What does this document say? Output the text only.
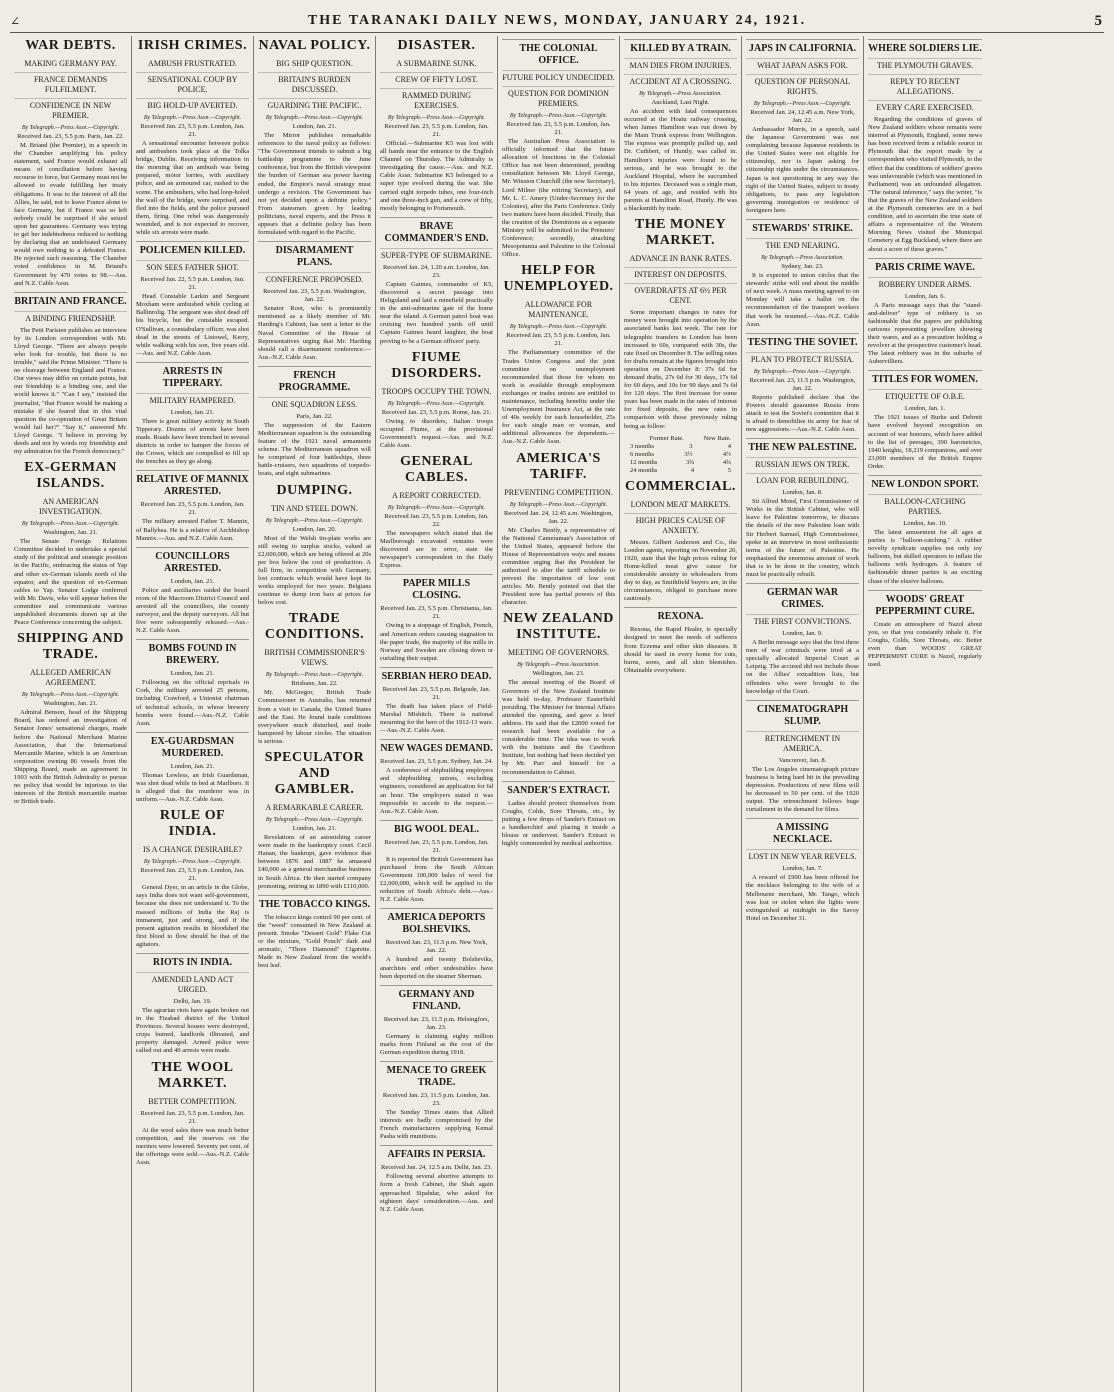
∠	THE TARANAKI DAILY NEWS, MONDAY, JANUARY 24, 1921.	5
WAR DEBTS.
MAKING GERMANY PAY.
FRANCE DEMANDS FULFILMENT.
CONFIDENCE IN NEW PREMIER.
By Telegraph.—Press Assn.—Copyright.
Received Jan. 23, 5.5 p.m. Paris, Jan. 22.

M. Briand (the Premier), in a speech in the Chamber amplifying his policy statement, said France would exhaust all means of conciliation before having recourse to force, but Germany must not be allowed to evade fulfilling her treaty obligations. It was to the interest of all the Allies, he said, not to leave France alone to face Germany, but if France was so left nobody could be surprised if she seized upon her guarantees. Germany was trying to get her indebtedness reduced to nothing by declaring that an undefeated Germany would owe nothing to a defeated France. He rejected such reasoning. The Chamber voted confidence in M. Briand's Government by 470 votes to 98.—Aus. and N.Z. Cable Assn.

BRITAIN AND FRANCE.
A BINDING FRIENDSHIP.

The Petit Parisien publishes an interview by its London correspondent with Mr. Lloyd George. "There are always people who look for trouble, but there is no trouble," said the Prime Minister. "There is no cleavage between England and France. Our views may differ on certain points, but our friendship is a binding one, and the world knows it." "Can I say," insisted the journalist, "that France would be making a mistake if she feared that in this vital question the co-operation of Great Britain would fail her?" "Say it," answered Mr. Lloyd George. "I believe in proving by deeds and not by words my friendship and my admiration for the French democracy."

EX-GERMAN ISLANDS.
AN AMERICAN INVESTIGATION.
By Telegraph.—Press Assn.—Copyright.
Washington, Jan. 21.

The Senate Foreign Relations Committee decided to undertake a special study of the political and strategic position in the Pacific, embracing the status of Yap and other ex-German islands north of the equator, and the question of ex-German cables to Yap. Senator Lodge conferred with Mr. Davis, who will appear before the committee and communicate various unpublished documents drawn up at the Peace Conference concerning the subject.

SHIPPING AND TRADE.
ALLEGED AMERICAN AGREEMENT.
By Telegraph.—Press Assn.—Copyright.
Washington, Jan. 21.

Admiral Benson, head of the Shipping Board, has ordered an investigation of Senator Jones' sensational charges, made before the National Merchant Marine Association, that the International Mercantile Marine, which is an American corporation owning 86 vessels from the Shipping Board, made an agreement in 1903 with the British Admiralty to pursue no policy that would be injurious to the interests of the British mercantile marine or British trade.

IRISH CRIMES.
AMBUSH FRUSTRATED.
SENSATIONAL COUP BY POLICE.
BIG HOLD-UP AVERTED.
By Telegraph.—Press Assn.—Copyright.
Received Jan. 23, 5.5 p.m. London, Jan. 21.

A sensational encounter between police and ambushers took place at the Tolka bridge, Dublin. Receiving information in the morning that an ambush was being prepared, motor lorries, with auxiliary police, and an armoured car, rushed to the scene. The ambushers, who had loop-holed the wall of the bridge, were surprised, and fled into the fields, and the police pursued them, firing. One rebel was dangerously wounded, and is not expected to recover, while six arrests were made.

POLICEMEN KILLED.
SON SEES FATHER SHOT.
Received Jan. 22, 5.5 p.m. London, Jan. 21.

Head Constable Larkin and Sergeant Moxham were ambushed while cycling at Ballinrolig. The sergeant was shot dead off his bicycle, but the constable escaped. O'Sullivan, a constabulary officer, was shot dead in the streets of Listowel, Kerry, while walking with his son, five years old.—Aus. and N.Z. Cable Assn.

ARRESTS IN TIPPERARY.
MILITARY HAMPERED.
London, Jan. 21.

There is great military activity in South Tipperary. Dozens of arrests have been made. Roads have been trenched in several districts in order to hamper the forces of the Crown, which are compelled to fill up the trenches as they go along.

RELATIVE OF MANNIX ARRESTED.
Received Jan. 23, 5.5 p.m. London, Jan. 21.

The military arrested Father T. Mannix, of Ballyhea. He is a relative of Archbishop Mannix.—Aus. and N.Z. Cable Assn.

COUNCILLORS ARRESTED.
London, Jan. 21.

Police and auxiliaries raided the board room of the Macroom District Council and arrested all the councillors, the county surveyor, and the deputy surveyors. All but five were subsequently released.—Aus.-N.Z. Cable Assn.

BOMBS FOUND IN BREWERY.
London, Jan. 21.

Following on the official reprisals in Cork, the military arrested 25 persons, including Crawford, a Unionist chairman of technical schools, in whose brewery bombs were found.—Aus.-N.Z. Cable Assn.

EX-GUARDSMAN MURDERED.
London, Jan. 21.

Thomas Lewless, an Irish Guardsman, was shot dead while in bed at Marlboro. It is alleged that the murderer was in uniform.—Aus.-N.Z. Cable Assn.

RULE OF INDIA.
IS A CHANGE DESIRABLE?
By Telegraph.—Press Assn.—Copyright.
Received Jan. 23, 5.5 p.m. London, Jan. 21.

General Dyer, in an article in the Globe, says India does not want self-government, because she does not understand it. To the massed millions of India the Raj is immanent, just and strong, and if the present agitation results in bloodshed the first blood to flow should be that of the agitators.

RIOTS IN INDIA.
AMENDED LAND ACT URGED.
Delhi, Jan. 19.

The agrarian riots have again broken out in the Fizabad district of the United Provinces. Several houses were destroyed, crops burned, landlords illtreated, and property damaged. Armed police were called out and 40 arrests were made.

THE WOOL MARKET.
BETTER COMPETITION.
Received Jan. 23, 5.5 p.m. London, Jan. 21.

At the wool sales there was much better competition, and the reserves on the merinos were lowered. Seventy per cent. of the offerings were sold.—Aus.-N.Z. Cable Assn.

NAVAL POLICY.
BIG SHIP QUESTION.
BRITAIN'S BURDEN DISCUSSED.
GUARDING THE PACIFIC.
By Telegraph.—Press Assn.—Copyright.
London, Jan. 21.

The Mirror publishes remarkable references to the naval policy as follows: "The Government intends to submit a big battleship programme to the June conference, but from the British viewpoint the burden of German sea power having ended, the Empire's naval strategy must undergo a revision. The Government has not yet decided upon a definite policy." From statesmen given by leading politicians, naval experts, and the Press it appears that a definite policy has been formulated with regard to the Pacific.

DISARMAMENT PLANS.
CONFERENCE PROPOSED.
Received Jan. 23, 5.5 p.m. Washington, Jan. 22.

Senator Root, who is prominently mentioned as a likely member of Mr. Harding's Cabinet, has sent a letter to the Naval Committee of the House of Representatives urging that Mr. Harding should call a disarmament conference.—Aus.-N.Z. Cable Assn.

FRENCH PROGRAMME.
ONE SQUADRON LESS.
Paris, Jan. 22.

The suppression of the Eastern Mediterranean squadron is the outstanding feature of the 1921 naval armaments scheme. The Mediterranean squadron will be comprised of four battleships, three battle-cruisers, two squadrons of torpedo-boats, and eight submarines.

DUMPING.
TIN AND STEEL DOWN.
By Telegraph.—Press Assn.—Copyright.
London, Jan. 20.

Most of the Welsh tin-plate works are still owing to surplus stocks, valued at £2,000,000, which are being offered at 20s per box below the cost of production. A full firm, in competition with Germany, lost contracts which would have kept its works employed for two years. Belgians continue to dump iron bars at prices far below cost.

TRADE CONDITIONS.
BRITISH COMMISSIONER'S VIEWS.
By Telegraph.—Press Assn.—Copyright.
Brisbane, Jan. 22.

Mr. McGregor, British Trade Commissioner in Australia, has returned from a visit to Canada, the United States and the East. He found trade conditions everywhere much disturbed, and trade hampered by labour circles. The situation is serious.

SPECULATOR AND GAMBLER.
A REMARKABLE CAREER.
By Telegraph.—Press Assn.—Copyright.
London, Jan. 21.

Revelations of an astonishing career were made in the bankruptcy court. Cecil Hanan, the bankrupt, gave evidence that between 1876 and 1887 he amassed £40,000 as a general merchandise business in South Africa. He then started company promoting, retiring in 1890 with £110,000.

THE TOBACCO KINGS.

The tobacco kings control 90 per cent. of the "weed" consumed in New Zealand at present. Smoke "Dessert Gold" Flake Cut or the mixture, "Gold Pouch" dark and aromatic, "Three Diamond" Cigarette. Made in New Zealand from the world's best leaf.

DISASTER.
A SUBMARINE SUNK.
CREW OF FIFTY LOST.
RAMMED DURING EXERCISES.
By Telegraph.—Press Assn.—Copyright.
Received Jan. 23, 5.5 p.m. London, Jan. 21.

Official.—Submarine K5 was lost with all hands near the entrance to the English Channel on Thursday. The Admiralty is investigating the cause.—Aus. and N.Z. Cable Assn. Submarine K5 belonged to a super type evolved during the war. She carried eight torpedo tubes, one four-inch and one three-inch gun, and a crew of fifty, mostly belonging to Portsmouth.

BRAVE COMMANDER'S END.
SUPER-TYPE OF SUBMARINE.
Received Jan. 24, 1.20 a.m. London, Jan. 23.

Captain Gaimes, commander of K5, discovered a secret passage into Heligoland and laid a minefield practically in the anti-submarine gate of the home near the island. A German patrol boat was cruising two hundred yards off until Captain Gaimes heard laughter, the boat proving to be a German officers' party.

FIUME DISORDERS.
TROOPS OCCUPY THE TOWN.
By Telegraph.—Press Assn.—Copyright.
Received Jan. 23, 5.5 p.m. Rome, Jan. 21.

Owing to disorders, Italian troops occupied Fiume, at the provisional Government's request.—Aus. and N.Z. Cable Assn.

GENERAL CABLES.
A REPORT CORRECTED.
By Telegraph.—Press Assn.—Copyright.
Received Jan. 23, 5.5 p.m. London, Jan. 22.

The newspapers which stated that the Marlborough excavated remains were discovered are in error, state the newspaper's correspondent in the Daily Express.

PAPER MILLS CLOSING.
Received Jan. 23, 5.5 p.m. Christiania, Jan. 21.

Owing to a stoppage of English, French, and American orders causing stagnation in the paper trade, the majority of the mills in Norway and Sweden are closing down or curtailing their output.

SERBIAN HERO DEAD.
Received Jan. 23, 5.5 p.m. Belgrade, Jan. 21.

The death has taken place of Field-Marshal Mishitch. There is national mourning for the hero of the 1912-13 wars.—Aus.-N.Z. Cable Assn.

NEW WAGES DEMAND.
Received Jan. 23, 5.5 p.m. Sydney, Jan. 24.

A conference of shipbuilding employers and shipbuilding unions, excluding engineers, considered an application for 6d an hour. The employers stated it was impossible to accede to the request.—Aus.-N.Z. Cable Assn.

BIG WOOL DEAL.
Received Jan. 23, 5.5 p.m. London, Jan. 21.

It is reported the British Government has purchased from the South African Government 100,000 bales of wool for £2,000,000, which will be applied to the reduction of South Africa's debt.—Aus.-N.Z. Cable Assn.

AMERICA DEPORTS BOLSHEVIKS.
Received Jan. 23, 11.5 p.m. New York, Jan. 22.

A hundred and twenty Bolsheviks, anarchists and other undesirables have been deported on the steamer Sherman.

GERMANY AND FINLAND.
Received Jan. 23, 11.5 p.m. Helsingfors, Jan. 23.

Germany is claiming eighty million marks from Finland as the cost of the German expedition during 1918.

MENACE TO GREEK TRADE.
Received Jan. 23, 11.5 p.m. London, Jan. 23.

The Sunday Times states that Allied interests are badly compromised by the French manufacturers supplying Kemal Pasha with munitions.

AFFAIRS IN PERSIA.
Received Jan. 24, 12.5 a.m. Delhi, Jan. 23.

Following several abortive attempts to form a fresh Cabinet, the Shah again approached Sipahdar, who asked for eighteen days' consideration.—Aus. and N.Z. Cable Assn.

THE COLONIAL OFFICE.
FUTURE POLICY UNDECIDED.
QUESTION FOR DOMINION PREMIERS.
By Telegraph.—Press Assn.—Copyright.
Received Jan. 23, 5.5 p.m. London, Jan. 21.

The Australian Press Association is officially informed that the future allocation of functions in the Colonial Office has not been determined, pending consultation between Mr. Lloyd George, Mr. Winston Churchill (the new Secretary), Lord Milner (the retiring Secretary), and Mr. L. C. Amery (Under-Secretary for the Colonies), after the Paris Conference. Only two matters have been decided. Firstly, that the creation of the Dominions as a separate Ministry will be submitted to the Premiers' Conference; secondly, attaching Mesopotamia and Palestine to the Colonial Office.

HELP FOR UNEMPLOYED.
ALLOWANCE FOR MAINTENANCE.
By Telegraph.—Press Assn.—Copyright.
Received Jan. 23, 5.5 p.m. London, Jan. 21.

The Parliamentary committee of the Trades Union Congress and the joint committee on unemployment recommended that those for whom no work is available through employment exchanges or trades unions are entitled to maintenance, including benefits under the Unemployment Insurance Act, at the rate of 40s weekly for each householder, 25s for each single man or woman, and additional allowances for dependents.—Aus.-N.Z. Cable Assn.

AMERICA'S TARIFF.
PREVENTING COMPETITION.
By Telegraph.—Press Assn.—Copyright.
Received Jan. 24, 12.45 a.m. Washington, Jan. 22.

Mr. Charles Bently, a representative of the National Cameraman's Association of the United States, appeared before the House of Representatives ways and means committee urging that the President be authorised to alter the tariff schedule to prevent the importation of low cost articles. Mr. Bently pointed out that the President now has partial powers of this character.

NEW ZEALAND INSTITUTE.
MEETING OF GOVERNORS.
By Telegraph.—Press Association.
Wellington, Jan. 23.

The annual meeting of the Board of Governors of the New Zealand Institute was held to-day, Professor Easterfield presiding. The Minister for Internal Affairs attended the opening, and gave a brief address. He said that the £2000 voted for research had been available for a considerable time. The idea was to work with the Institute and the Cawthron Institute, but nothing had been decided yet by Mr. Parr and himself for a recommendation to Cabinet.

SANDER'S EXTRACT.

Ladies should protect themselves from Coughs, Colds, Sore Throats, etc., by putting a few drops of Sander's Extract on a handkerchief and placing it inside a blouse or undervest. Sander's Extract is highly commended by medical authorities.

KILLED BY A TRAIN.
MAN DIES FROM INJURIES.
ACCIDENT AT A CROSSING.
By Telegraph.—Press Association.
Auckland, Last Night.

An accident with fatal consequences occurred at the Hoatu railway crossing, when James Hamilton was run down by the Main Trunk express from Wellington. The express was promptly pulled up, and Dr. Cuthbert, of Huntly, was called in. Hamilton's injuries were found to be serious, and he was brought to the Auckland Hospital, where he succumbed to his injuries. Deceased was a single man, 64 years of age, and resided with his parents at Hamilton Road, Huntly. He was a blacksmith by trade.

THE MONEY MARKET.
ADVANCE IN BANK RATES.
INTEREST ON DEPOSITS.
OVERDRAFTS AT 6½ PER CENT.

Some important changes in rates for money were brought into operation by the associated banks last week. The rate for telegraphic transfers to London has been increased to 60s, compared with 30s, the rate fixed on December 8. The selling rates for drafts remain at the figures brought into operation on December 8: 37s 6d for demand drafts, 27s 6d for 30 days, 17s 6d for 60 days, and 10s for 90 days and 7s 6d for 120 days. The first increase for some years has been made in the rates of interest for fixed deposits, the new rates in comparison with those previously ruling being as follow:

Former Rate.	New Rate.
3 months	3	4
6 months	3½	4½
12 months	3¾	4¾
24 months	4	5
COMMERCIAL.
LONDON MEAT MARKETS.
HIGH PRICES CAUSE OF ANXIETY.

Messrs. Gilbert Anderson and Co., the London agents, reporting on November 20, 1920, state that the high prices ruling for Home-killed meat give cause for considerable anxiety to wholesalers from day to day, as Smithfield buyers are, in the circumstances, obliged to purchase more cautiously.

REXONA.

Rexona, the Rapid Healer, is specially designed to meet the needs of sufferers from Eczema and other skin diseases. It should be used in every home for cuts, burns, sores, and all skin blemishes. Obtainable everywhere.

JAPS IN CALIFORNIA.
WHAT JAPAN ASKS FOR.
QUESTION OF PERSONAL RIGHTS.
By Telegraph.—Press Assn.—Copyright.
Received Jan. 24, 12.45 a.m. New York, Jan. 22.

Ambassador Morris, in a speech, said the Japanese Government was not complaining because Japanese residents in the United States were not eligible for citizenship, nor is Japan asking for citizenship rights under the circumstances. Japan is not questioning in any way the right of the United States, subject to treaty obligations, to pass any legislation governing immigration or residence of foreigners here.

STEWARDS' STRIKE.
THE END NEARING.
By Telegraph.—Press Association.
Sydney, Jan. 23.

It is expected to union circles that the stewards' strike will end about the middle of next week. A mass meeting agreed to on Monday will take a ballot on the recommendation of the transport workers that work be resumed.—Aus.-N.Z. Cable Assn.

TESTING THE SOVIET.
PLAN TO PROTECT RUSSIA.
By Telegraph.—Press Assn.—Copyright.
Received Jan. 23, 11.5 p.m. Washington, Jan. 22.

Reports published declare that the Powers should guarantee Russia from attack to test the Soviet's contention that it is afraid to demobilise its army for fear of new aggressions.—Aus.-N.Z. Cable Assn.

THE NEW PALESTINE.
RUSSIAN JEWS ON TREK.
LOAN FOR REBUILDING.
London, Jan. 8.

Sir Alfred Mond, First Commissioner of Works in the British Cabinet, who will leave for Palestine tomorrow, to discuss the details of the new Palestine loan with Sir Herbert Samuel, High Commissioner, spoke in an interview in most enthusiastic terms of the future of Palestine. He emphasised the enormous amount of work that is to be done in the country, which must be practically rebuilt.

GERMAN WAR CRIMES.
THE FIRST CONVICTIONS.
London, Jan. 9.

A Berlin message says that the first three men of war criminals were tried at a specially allocated Imperial Court at Leipzig. The accused did not include those on the Allies' extradition lists, but offenders who were brought to the knowledge of the Court.

CINEMATOGRAPH SLUMP.
RETRENCHMENT IN AMERICA.
Vancouver, Jan. 8.

The Los Angeles cinematograph picture business is being hard hit in the prevailing depression. Productions of new films will be decreased to 50 per cent. of the 1920 output. The retrenchment follows huge curtailment in the demand for films.

A MISSING NECKLACE.
LOST IN NEW YEAR REVELS.
London, Jan. 7.

A reward of £900 has been offered for the necklace belonging to the wife of a Melbourne merchant, Mr. Tango, which was lost or stolen when the lights were extinguished at midnight in the Savoy Hotel on December 31.

WHERE SOLDIERS LIE.
THE PLYMOUTH GRAVES.
REPLY TO RECENT ALLEGATIONS.
EVERY CARE EXERCISED.

Regarding the conditions of graves of New Zealand soldiers whose remains were interred at Plymouth, England, some news has been received from a reliable source in Plymouth that the report made by a correspondent who visited Plymouth, to the effect that the conditions of soldiers' graves was unfavourable (which was mentioned in Parliament) was an unfounded allegation. "The natural inference," says the writer, "is that the graves of the New Zealand soldiers at the Plymouth cemeteries are in a bad condition, and to ascertain the true state of affairs a representative of the Western Morning News visited the Municipal Cemetery at Egg Buckland, where there are about a score of these graves."

PARIS CRIME WAVE.
ROBBERY UNDER ARMS.
London, Jan. 6.

A Paris message says that the "stand-and-deliver" type of robbery is so fashionable that the papers are publishing cartoons representing jewellers showing their wares, and as a precaution holding a revolver at the prospective customer's head. The latest robbery was in the suburbs of Aubervilliers.

TITLES FOR WOMEN.
ETIQUETTE OF O.B.E.
London, Jan. 1.

The 1921 issues of Burke and Debrett have evolved beyond recognition on account of war honours, which have added to the list of peerages, 390 baronetcies, 1940 knights, 18,219 companions, and over 23,000 members of the British Empire Order.

NEW LONDON SPORT.
BALLOON-CATCHING PARTIES.
London, Jan. 10.

The latest amusement for all ages at parties is "balloon-catching." A rubber novelty syndicate supplies not only toy balloons, but skilled operators to inflate the balloons with hydrogen. A feature of fashionable dinner parties is an exciting chase of the elusive balloons.

WOODS' GREAT PEPPERMINT CURE.

Create an atmosphere of Nazol about you, so that you constantly inhale it. For Coughs, Colds, Sore Throats, etc. Better even than WOODS' GREAT PEPPERMINT CURE is Nazol, regularly used.
